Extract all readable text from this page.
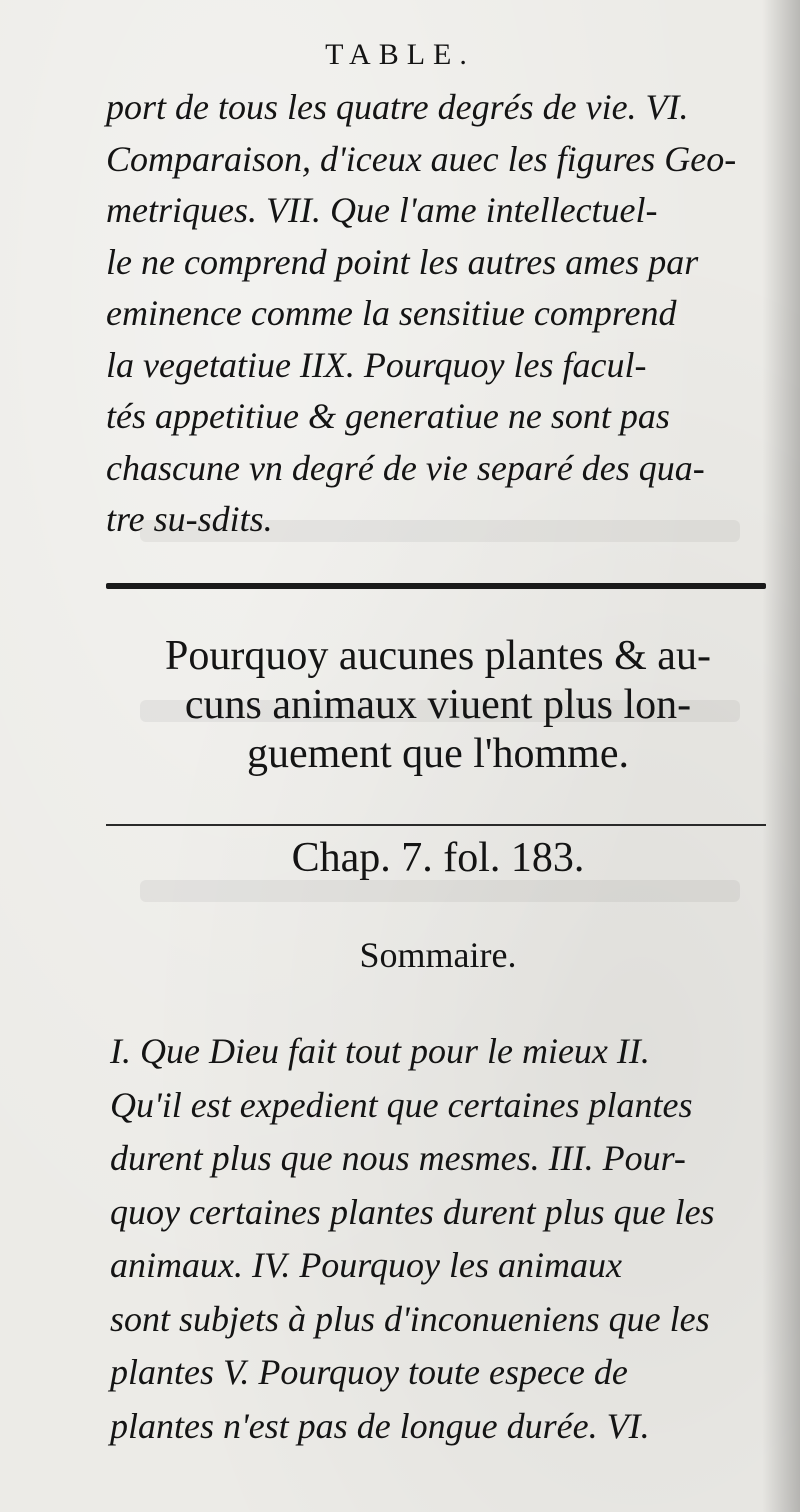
TABLE.

port de tous les quatre degrés de vie. VI.
Comparaison, d'iceux auec les figures Geo-
metriques. VII. Que l'ame intellectuel-
le ne comprend point les autres ames par
eminence comme la sensitiue comprend
la vegetatiue IIX. Pourquoy les facul-
tés appetitiue & generatiue ne sont pas
chascune vn degré de vie separé des qua-
tre su-sdits.

Pourquoy aucunes plantes & au-
cuns animaux viuent plus lon-
guement que l'homme.
Chap. 7. fol. 183.
Sommaire.

I. Que Dieu fait tout pour le mieux II.
Qu'il est expedient que certaines plantes
durent plus que nous mesmes. III. Pour-
quoy certaines plantes durent plus que les
animaux. IV. Pourquoy les animaux
sont subjets à plus d'inconueniens que les
plantes V. Pourquoy toute espece de
plantes n'est pas de longue durée. VI.
